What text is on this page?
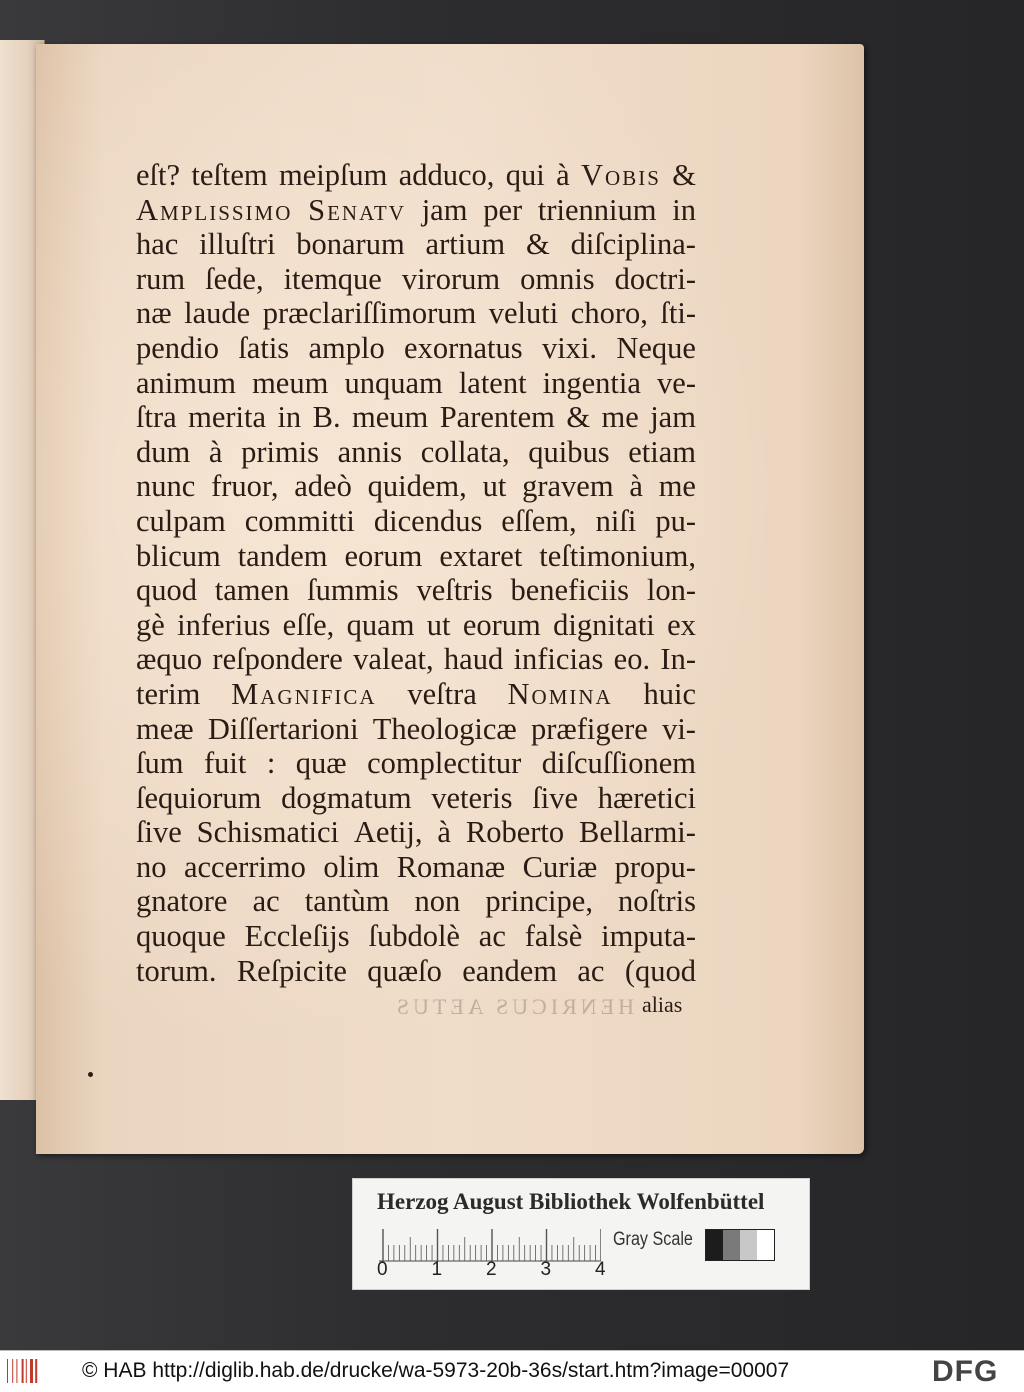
eſt? teſtem meipſum adduco, qui à Vobis &
Amplissimo Senatv jam per triennium in
hac illuſtri bonarum artium & diſciplina-
rum ſede, itemque virorum omnis doctri-
næ laude præclariſſimorum veluti choro, ſti-
pendio ſatis amplo exornatus vixi. Neque
animum meum unquam latent ingentia ve-
ſtra merita in B. meum Parentem & me jam
dum à primis annis collata, quibus etiam
nunc fruor, adeò quidem, ut gravem à me
culpam committi dicendus eſſem, niſi pu-
blicum tandem eorum extaret teſtimonium,
quod tamen ſummis veſtris beneficiis lon-
gè inferius eſſe, quam ut eorum dignitati ex
æquo reſpondere valeat, haud inficias eo. In-
terim Magnifica veſtra Nomina huic
meæ Diſſertarioni Theologicæ præfigere vi-
ſum fuit : quæ complectitur diſcuſſionem
ſequiorum dogmatum veteris ſive hæretici
ſive Schismatici Aetij, à Roberto Bellarmi-
no accerrimo olim Romanæ Curiæ propu-
gnatore ac tantùm non principe, noſtris
quoque Eccleſijs ſubdolè ac falsè imputa-
torum. Reſpicite quæſo eandem ac (quod
alias
HENRICUS AETUS
Herzog August Bibliothek Wolfenbüttel
0 1 2 3 4
Gray Scale
© HAB http://diglib.hab.de/drucke/wa-5973-20b-36s/start.htm?image=00007	DFG
